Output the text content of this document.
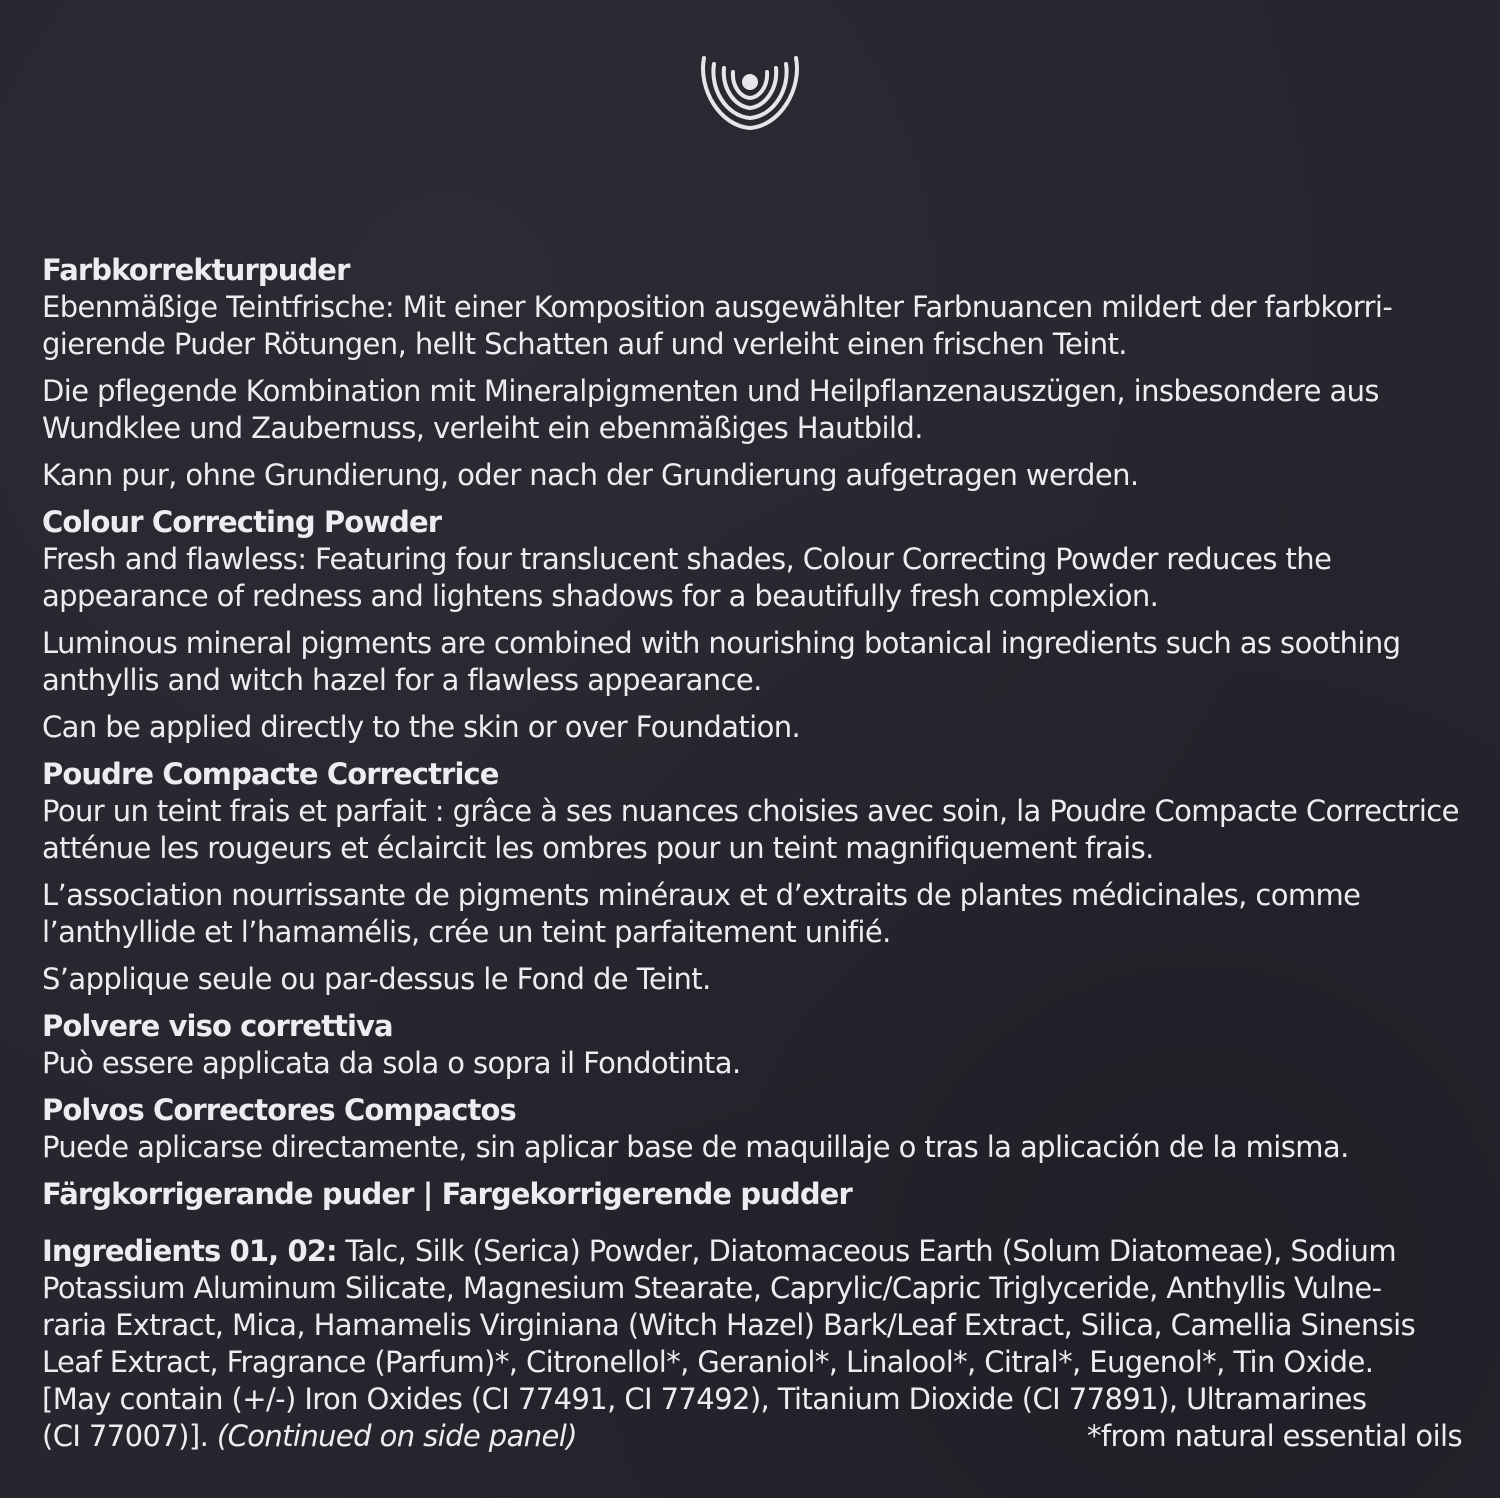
Farbkorrekturpuder

Ebenmäßige Teintfrische: Mit einer Komposition ausgewählter Farbnuancen mildert der farbkorri-
gierende Puder Rötungen, hellt Schatten auf und verleiht einen frischen Teint.

Die pflegende Kombination mit Mineralpigmenten und Heilpflanzenauszügen, insbesondere aus
Wundklee und Zaubernuss, verleiht ein ebenmäßiges Hautbild.

Kann pur, ohne Grundierung, oder nach der Grundierung aufgetragen werden.

Colour Correcting Powder

Fresh and flawless: Featuring four translucent shades, Colour Correcting Powder reduces the
appearance of redness and lightens shadows for a beautifully fresh complexion.

Luminous mineral pigments are combined with nourishing botanical ingredients such as soothing
anthyllis and witch hazel for a flawless appearance.

Can be applied directly to the skin or over Foundation.

Poudre Compacte Correctrice

Pour un teint frais et parfait : grâce à ses nuances choisies avec soin, la Poudre Compacte Correctrice
atténue les rougeurs et éclaircit les ombres pour un teint magnifiquement frais.

L’association nourrissante de pigments minéraux et d’extraits de plantes médicinales, comme
l’anthyllide et l’hamamélis, crée un teint parfaitement unifié.

S’applique seule ou par-dessus le Fond de Teint.

Polvere viso correttiva

Può essere applicata da sola o sopra il Fondotinta.

Polvos Correctores Compactos

Puede aplicarse directamente, sin aplicar base de maquillaje o tras la aplicación de la misma.

Färgkorrigerande puder | Fargekorrigerende pudder

Ingredients 01, 02: Talc, Silk (Serica) Powder, Diatomaceous Earth (Solum Diatomeae), Sodium
Potassium Aluminum Silicate, Magnesium Stearate, Caprylic/Capric Triglyceride, Anthyllis Vulne-
raria Extract, Mica, Hamamelis Virginiana (Witch Hazel) Bark/Leaf Extract, Silica, Camellia Sinensis
Leaf Extract, Fragrance (Parfum)*, Citronellol*, Geraniol*, Linalool*, Citral*, Eugenol*, Tin Oxide.
[May contain (+/-) Iron Oxides (CI 77491, CI 77492), Titanium Dioxide (CI 77891), Ultramarines
(CI 77007)]. (Continued on side panel)	*from natural essential oils
